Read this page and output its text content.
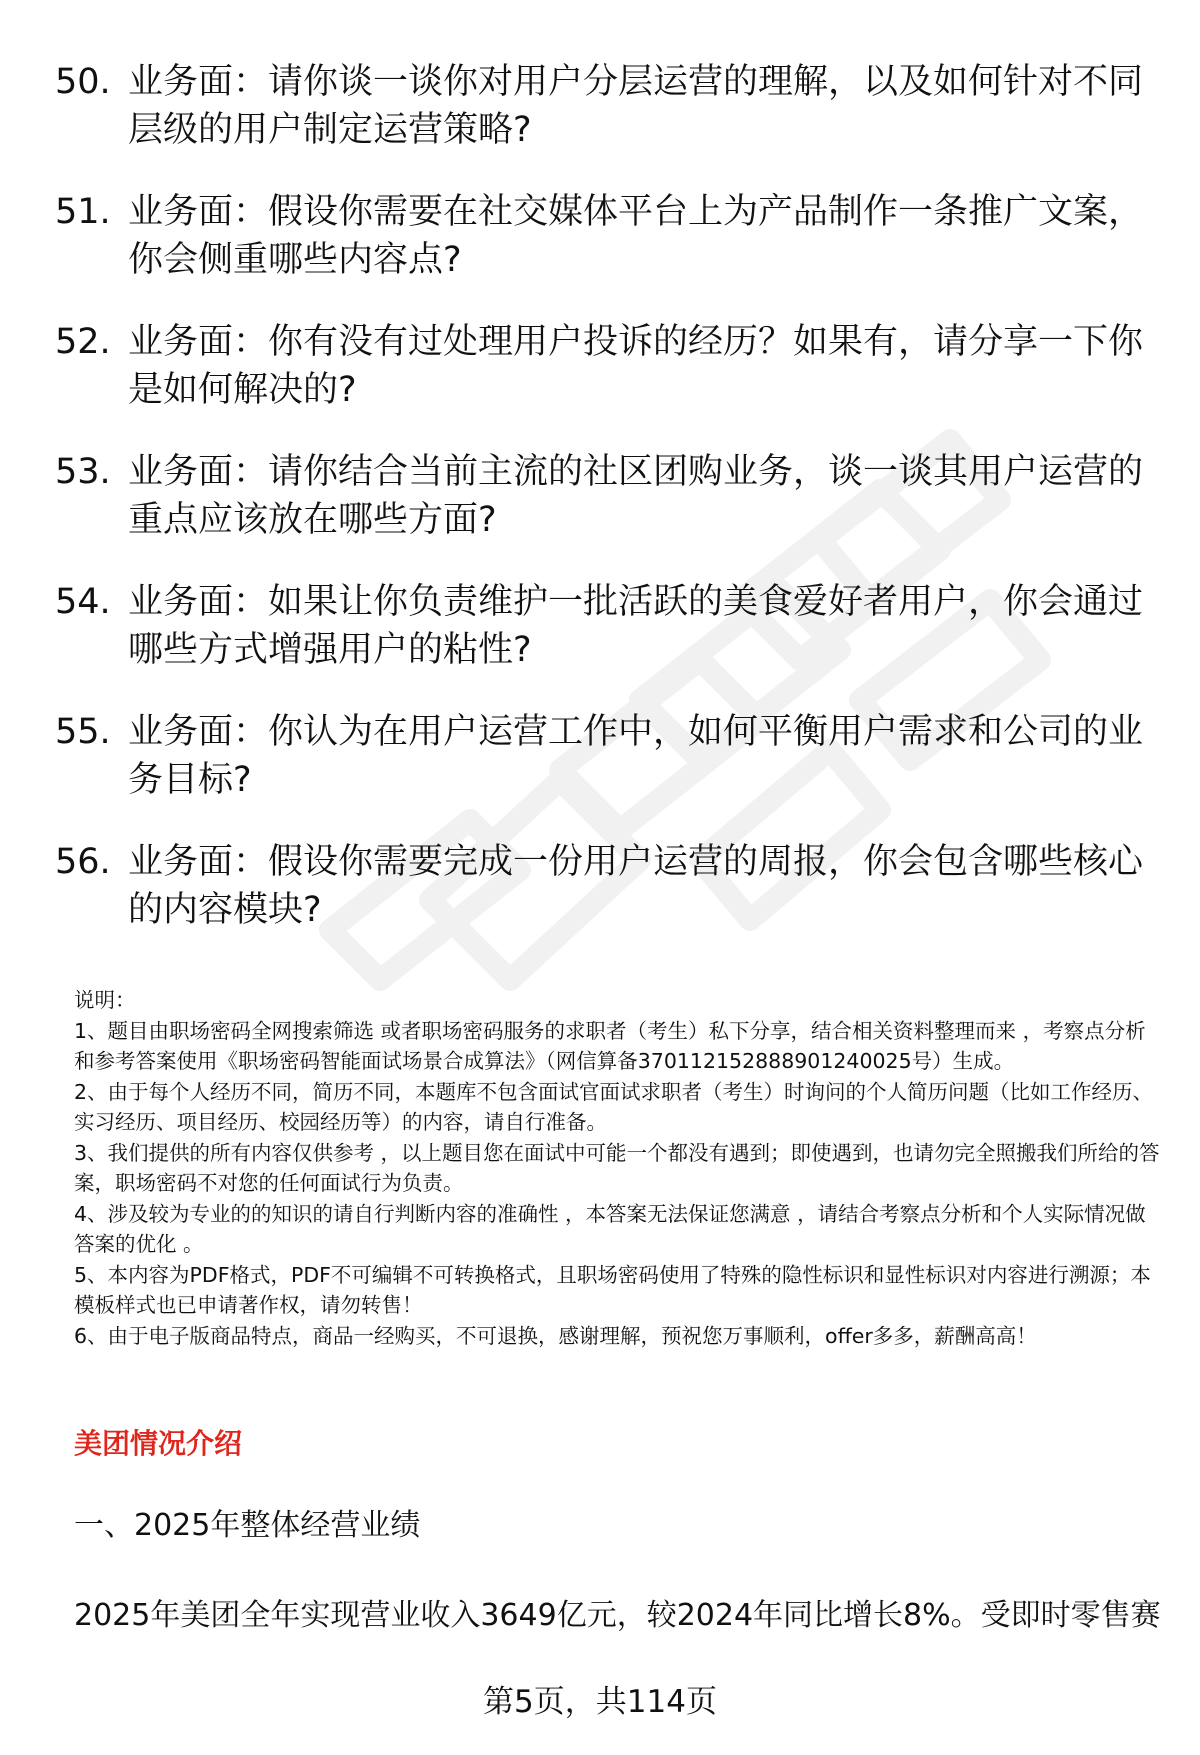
50. 业务面：请你谈一谈你对用户分层运营的理解，以及如何针对不同层级的用户制定运营策略?
51. 业务面：假设你需要在社交媒体平台上为产品制作一条推广文案，你会侧重哪些内容点?
52. 业务面：你有没有过处理用户投诉的经历？如果有，请分享一下你是如何解决的?
53. 业务面：请你结合当前主流的社区团购业务，谈一谈其用户运营的重点应该放在哪些方面?
54. 业务面：如果让你负责维护一批活跃的美食爱好者用户，你会通过哪些方式增强用户的粘性?
55. 业务面：你认为在用户运营工作中，如何平衡用户需求和公司的业务目标?
56. 业务面：假设你需要完成一份用户运营的周报，你会包含哪些核心的内容模块?

说明：

1、题目由职场密码全网搜索筛选 或者职场密码服务的求职者（考生）私下分享，结合相关资料整理而来 ，考察点分析和参考答案使用《职场密码智能面试场景合成算法》（网信算备370112152888901240025号）生成。

2、由于每个人经历不同，简历不同，本题库不包含面试官面试求职者（考生）时询问的个人简历问题（比如工作经历、实习经历、项目经历、校园经历等）的内容，请自行准备。

3、我们提供的所有内容仅供参考 ，以上题目您在面试中可能一个都没有遇到；即使遇到，也请勿完全照搬我们所给的答案，职场密码不对您的任何面试行为负责。

4、涉及较为专业的的知识的请自行判断内容的准确性 ，本答案无法保证您满意 ，请结合考察点分析和个人实际情况做答案的优化 。

5、本内容为PDF格式，PDF不可编辑不可转换格式，且职场密码使用了特殊的隐性标识和显性标识对内容进行溯源；本模板样式也已申请著作权，请勿转售！

6、由于电子版商品特点，商品一经购买，不可退换，感谢理解，预祝您万事顺利，offer多多，薪酬高高！

美团情况介绍
一、2025年整体经营业绩
2025年美团全年实现营业收入3649亿元，较2024年同比增长8%。受即时零售赛
第5页，共114页
